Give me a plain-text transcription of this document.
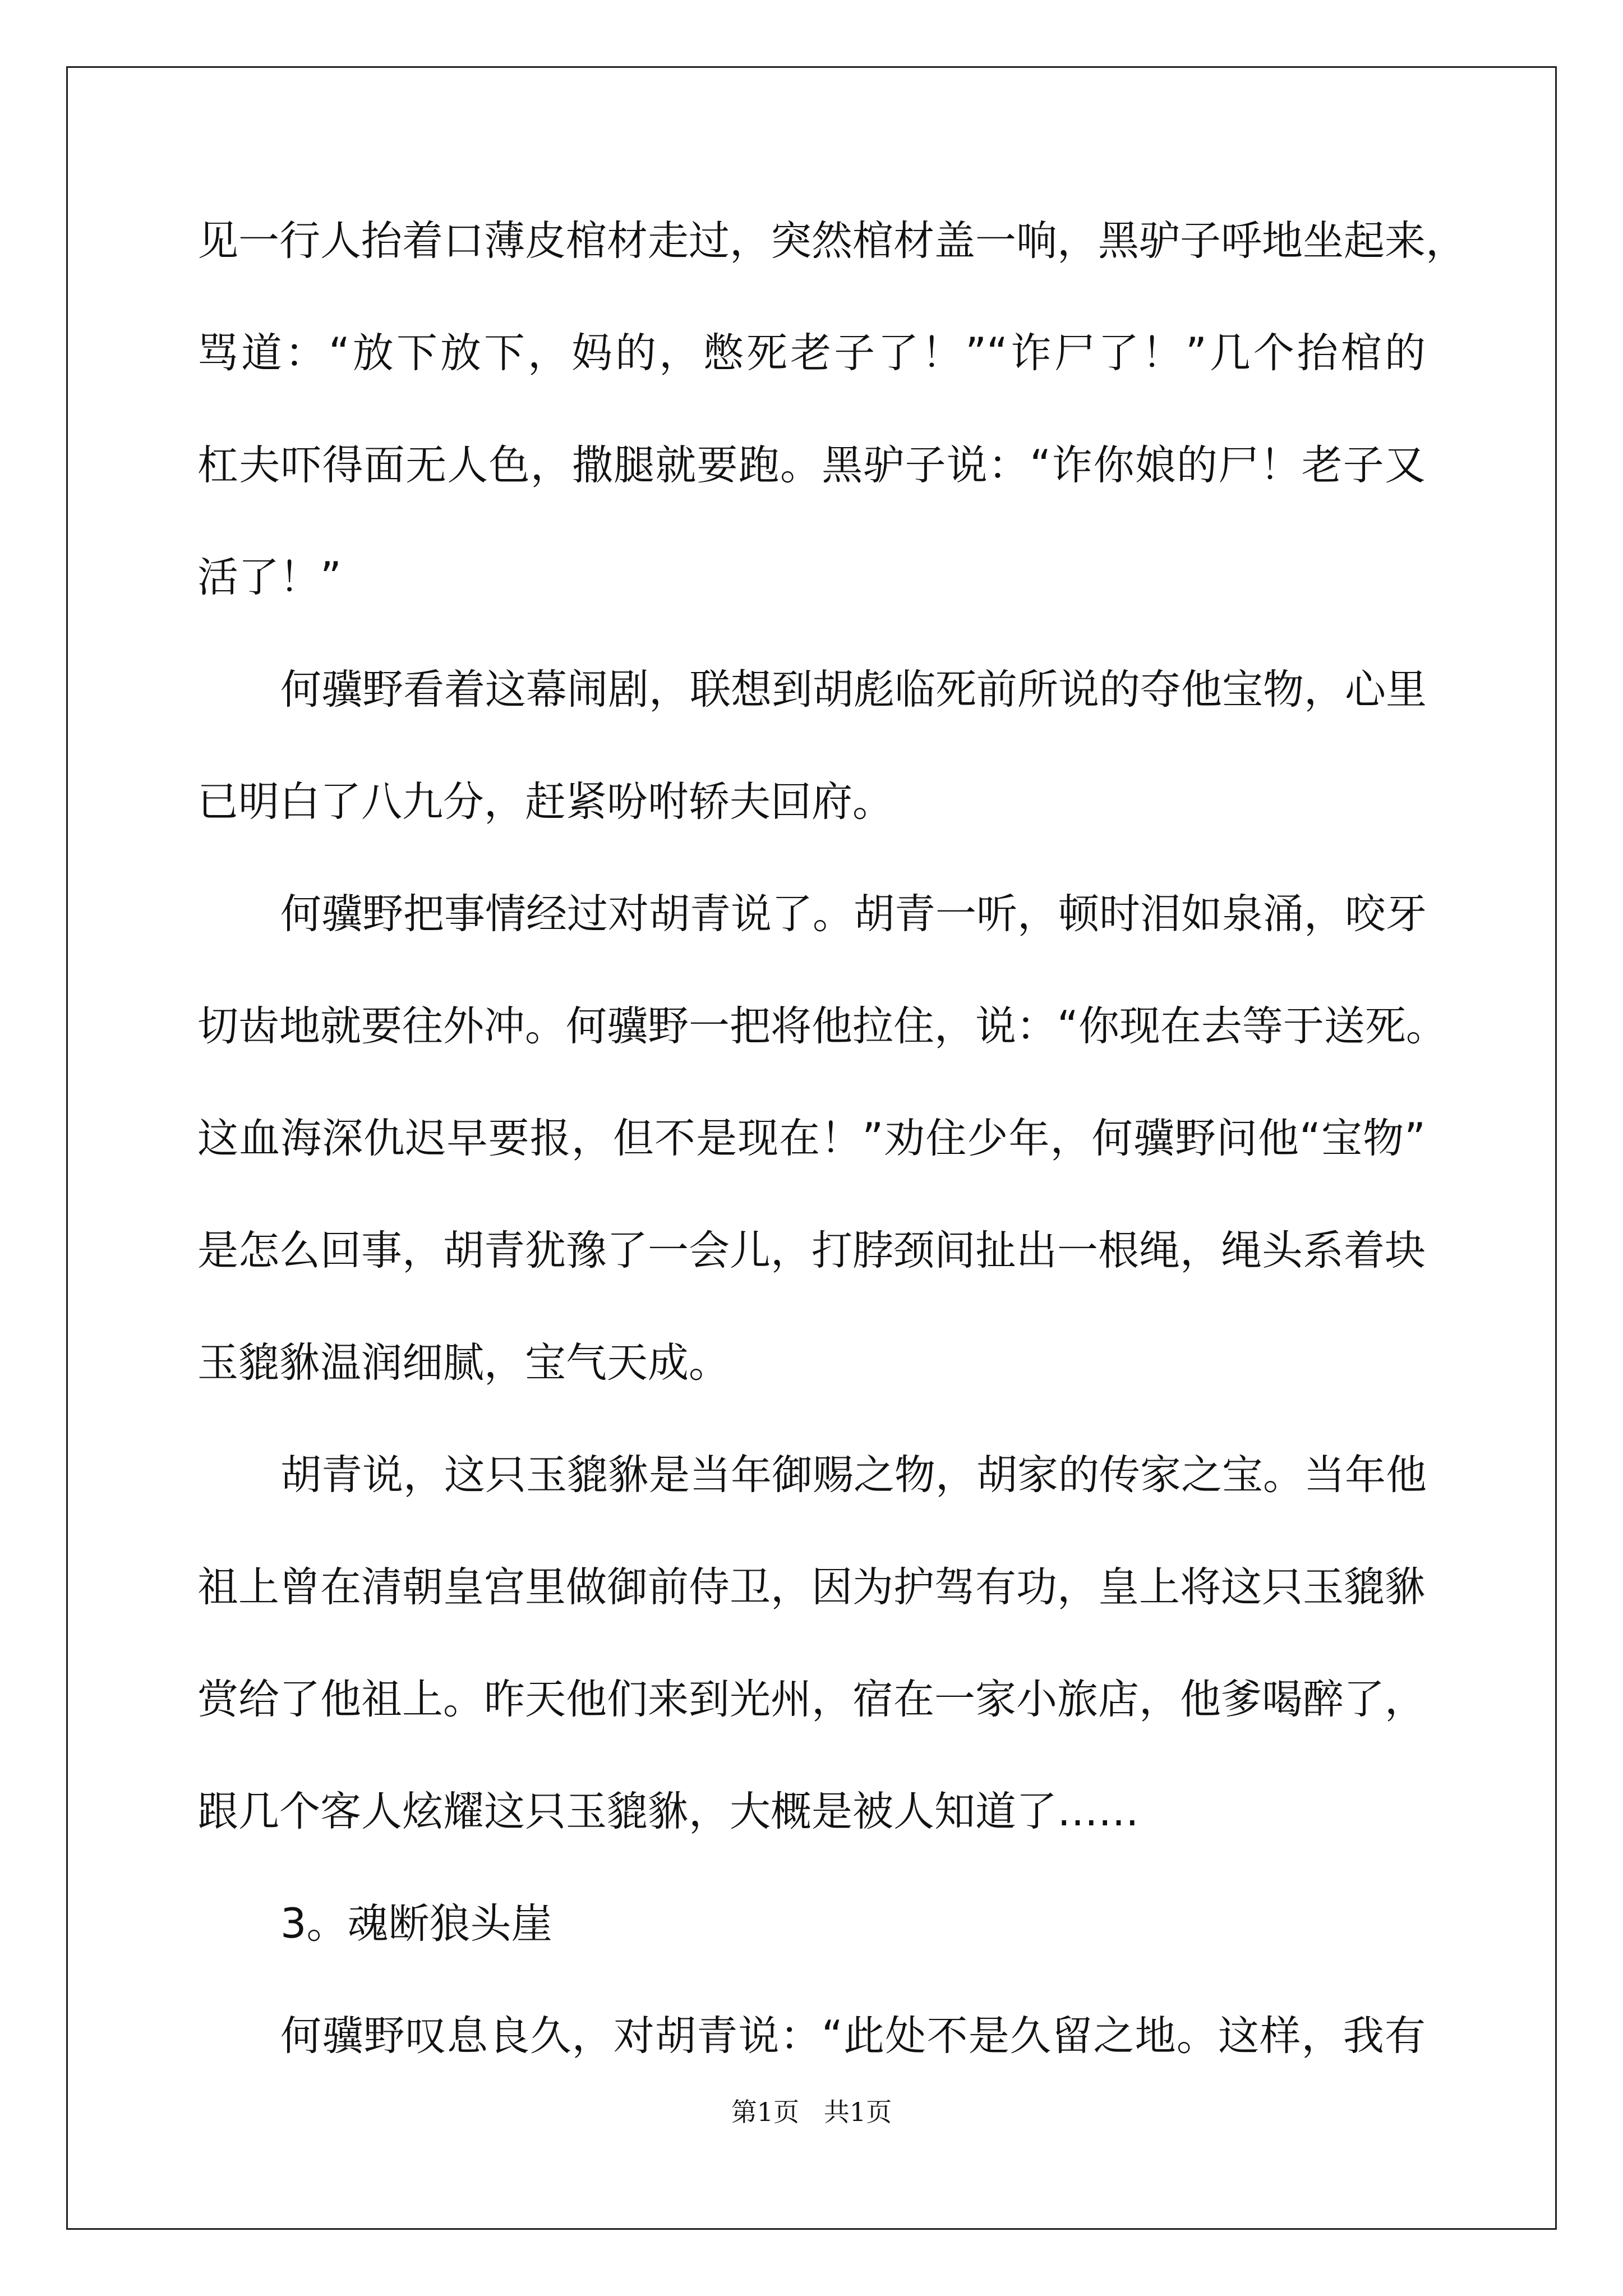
见一行人抬着口薄皮棺材走过，突然棺材盖一响，黑驴子呼地坐起来，
骂道：“放下放下，妈的，憋死老子了！”“诈尸了！”几个抬棺的
杠夫吓得面无人色，撒腿就要跑。黑驴子说：“诈你娘的尸！老子又
活了！”
何骥野看着这幕闹剧，联想到胡彪临死前所说的夺他宝物，心里
已明白了八九分，赶紧吩咐轿夫回府。
何骥野把事情经过对胡青说了。胡青一听，顿时泪如泉涌，咬牙
切齿地就要往外冲。何骥野一把将他拉住，说：“你现在去等于送死。
这血海深仇迟早要报，但不是现在！”劝住少年，何骥野问他“宝物”
是怎么回事，胡青犹豫了一会儿，打脖颈间扯出一根绳，绳头系着块
玉貔貅温润细腻，宝气天成。
胡青说，这只玉貔貅是当年御赐之物，胡家的传家之宝。当年他
祖上曾在清朝皇宫里做御前侍卫，因为护驾有功，皇上将这只玉貔貅
赏给了他祖上。昨天他们来到光州，宿在一家小旅店，他爹喝醉了，
跟几个客人炫耀这只玉貔貅，大概是被人知道了……
3。魂断狼头崖
何骥野叹息良久，对胡青说：“此处不是久留之地。这样，我有
第1页   共1页
